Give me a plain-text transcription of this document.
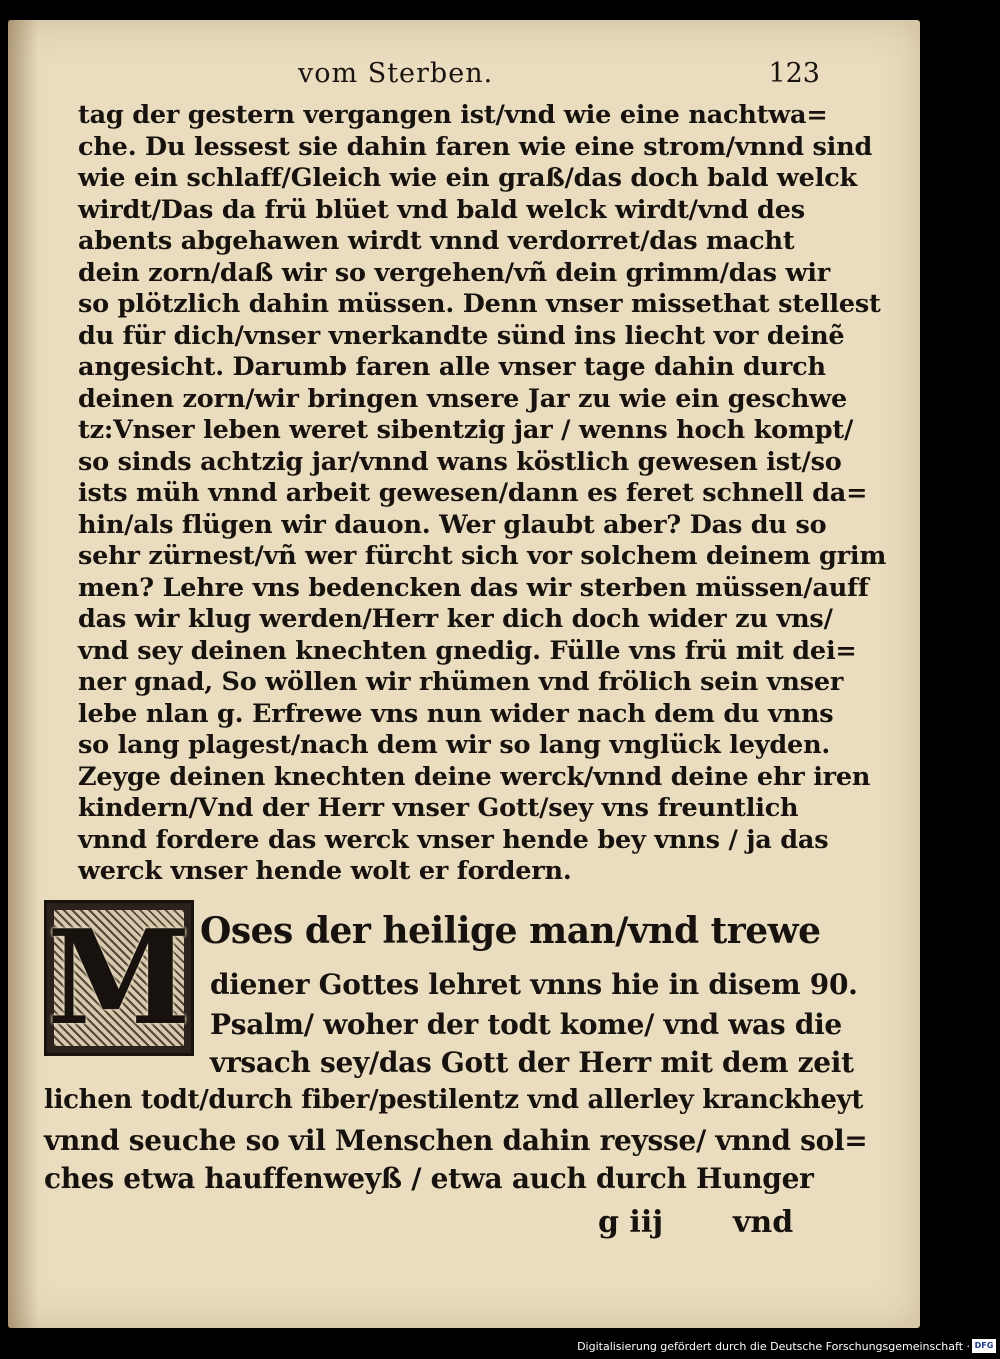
vom Sterben.	123
tag der gestern vergangen ist/vnd wie eine nachtwa=
che. Du lessest sie dahin faren wie eine strom/vnnd sind
wie ein schlaff/Gleich wie ein graß/das doch bald welck
wirdt/Das da frü blüet vnd bald welck wirdt/vnd des
abents abgehawen wirdt vnnd verdorret/das macht
dein zorn/daß wir so vergehen/vñ dein grimm/das wir
so plötzlich dahin müssen. Denn vnser missethat stellest
du für dich/vnser vnerkandte sünd ins liecht vor deinẽ
angesicht. Darumb faren alle vnser tage dahin durch
deinen zorn/wir bringen vnsere Jar zu wie ein geschwe
tz:Vnser leben weret sibentzig jar / wenns hoch kompt/
so sinds achtzig jar/vnnd wans köstlich gewesen ist/so
ists müh vnnd arbeit gewesen/dann es feret schnell da=
hin/als flügen wir dauon. Wer glaubt aber? Das du so
sehr zürnest/vñ wer fürcht sich vor solchem deinem grim
men? Lehre vns bedencken das wir sterben müssen/auff
das wir klug werden/Herr ker dich doch wider zu vns/
vnd sey deinen knechten gnedig. Fülle vns frü mit dei=
ner gnad, So wöllen wir rhümen vnd frölich sein vnser
lebe nlan g. Erfrewe vns nun wider nach dem du vnns
so lang plagest/nach dem wir so lang vnglück leyden.
Zeyge deinen knechten deine werck/vnnd deine ehr iren
kindern/Vnd der Herr vnser Gott/sey vns freuntlich
vnnd fordere das werck vnser hende bey vnns / ja das
werck vnser hende wolt er fordern.
M Oses der heilige man/vnd trewe
diener Gottes lehret vnns hie in disem 90.
Psalm/ woher der todt kome/ vnd was die
vrsach sey/das Gott der Herr mit dem zeit
lichen todt/durch fiber/pestilentz vnd allerley kranckheyt
vnnd seuche so vil Menschen dahin reysse/ vnnd sol=
ches etwa hauffenweyß / etwa auch durch Hunger
g iij vnd
Digitalisierung gefördert durch die Deutsche Forschungsgemeinschaft · DFG
